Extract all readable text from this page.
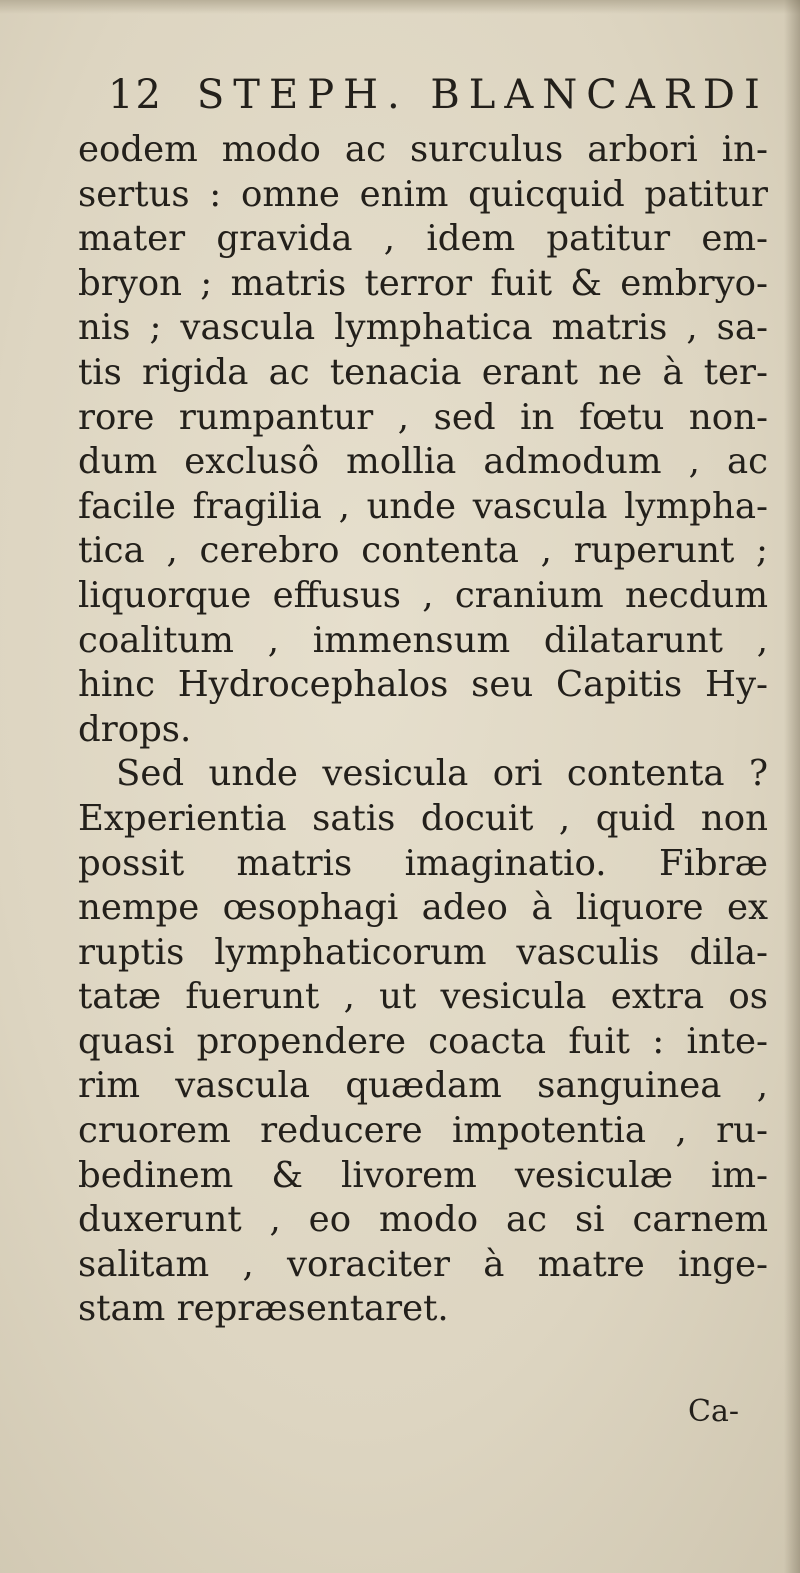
12 STEPH. BLANCARDI
eodem modo ac surculus arbori in-
sertus : omne enim quicquid patitur
mater gravida , idem patitur em-
bryon ; matris terror fuit & embryo-
nis ; vascula lymphatica matris , sa-
tis rigida ac tenacia erant ne à ter-
rore rumpantur , sed in fœtu non-
dum exclusô mollia admodum , ac
facile fragilia , unde vascula lympha-
tica , cerebro contenta , ruperunt ;
liquorque effusus , cranium necdum
coalitum , immensum dilatarunt ,
hinc Hydrocephalos seu Capitis Hy-
drops.
Sed unde vesicula ori contenta ?
Experientia satis docuit , quid non
possit matris imaginatio. Fibræ
nempe œsophagi adeo à liquore ex
ruptis lymphaticorum vasculis dila-
tatæ fuerunt , ut vesicula extra os
quasi propendere coacta fuit : inte-
rim vascula quædam sanguinea ,
cruorem reducere impotentia , ru-
bedinem & livorem vesiculæ im-
duxerunt , eo modo ac si carnem
salitam , voraciter à matre inge-
stam repræsentaret.
Ca-
